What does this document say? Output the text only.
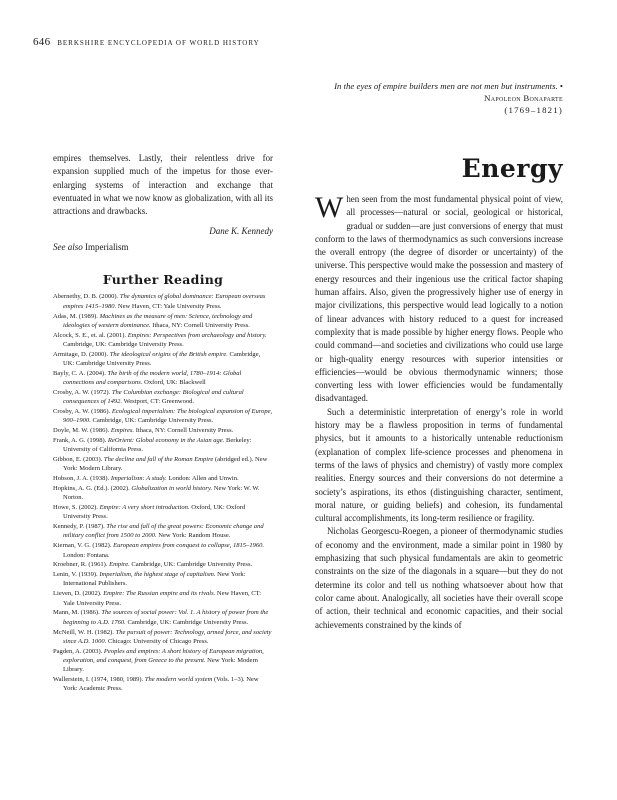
646 BERKSHIRE ENCYCLOPEDIA OF WORLD HISTORY
In the eyes of empire builders men are not men but instruments. • Napoleon Bonaparte
(1769–1821)

empires themselves. Lastly, their relentless drive for expansion supplied much of the impetus for those ever-enlarging systems of interaction and exchange that eventuated in what we now know as globalization, with all its attractions and drawbacks.

Dane K. Kennedy
See also Imperialism
Further Reading
Abernethy, D. B. (2000). The dynamics of global dominance: European overseas empires 1415–1980. New Haven, CT: Yale University Press.
Adas, M. (1989). Machines as the measure of men: Science, technology and ideologies of western dominance. Ithaca, NY: Cornell University Press.
Alcock, S. E., et. al. (2001). Empires: Perspectives from archaeology and history. Cambridge, UK: Cambridge University Press.
Armitage, D. (2000). The ideological origins of the British empire. Cambridge, UK: Cambridge University Press.
Bayly, C. A. (2004). The birth of the modern world, 1780–1914: Global connections and comparisons. Oxford, UK: Blackwell
Crosby, A. W. (1972). The Columbian exchange: Biological and cultural consequences of 1492. Westport, CT: Greenwood.
Crosby, A. W. (1986). Ecological imperialism: The biological expansion of Europe, 900–1900. Cambridge, UK: Cambridge University Press.
Doyle, M. W. (1986). Empires. Ithaca, NY: Cornell University Press.
Frank, A. G. (1998). ReOrient: Global economy in the Asian age. Berkeley: University of California Press.
Gibbon, E. (2003). The decline and fall of the Roman Empire (abridged ed.). New York: Modern Library.
Hobson, J. A. (1938). Imperialism: A study. London: Allen and Unwin.
Hopkins, A. G. (Ed.). (2002). Globalization in world history. New York: W. W. Norton.
Howe, S. (2002). Empire: A very short introduction. Oxford, UK: Oxford University Press.
Kennedy, P. (1987). The rise and fall of the great powers: Economic change and military conflict from 1500 to 2000. New York: Random House.
Kiernan, V. G. (1982). European empires from conquest to collapse, 1815–1960. London: Fontana.
Kroebner, R. (1961). Empire. Cambridge, UK: Cambridge University Press.
Lenin, V. (1939). Imperialism, the highest stage of capitalism. New York: International Publishers.
Lieven, D. (2002). Empire: The Russian empire and its rivals. New Haven, CT: Yale University Press.
Mann, M. (1986). The sources of social power: Vol. 1. A history of power from the beginning to A.D. 1760. Cambridge, UK: Cambridge University Press.
McNeill, W. H. (1982). The pursuit of power: Technology, armed force, and society since A.D. 1000. Chicago: University of Chicago Press.
Pagden, A. (2003). Peoples and empires: A short history of European migration, exploration, and conquest, from Greece to the present. New York: Modern Library.
Wallerstein, I. (1974, 1980, 1989). The modern world system (Vols. 1–3). New York: Academic Press.
Energy

When seen from the most fundamental physical point of view, all processes—natural or social, geological or historical, gradual or sudden—are just conversions of energy that must conform to the laws of thermodynamics as such conversions increase the overall entropy (the degree of disorder or uncertainty) of the universe. This perspective would make the possession and mastery of energy resources and their ingenious use the critical factor shaping human affairs. Also, given the progressively higher use of energy in major civilizations, this perspective would lead logically to a notion of linear advances with history reduced to a quest for increased complexity that is made possible by higher energy flows. People who could command—and societies and civilizations who could use large or high-quality energy resources with superior intensities or efficiencies—would be obvious thermodynamic winners; those converting less with lower efficiencies would be fundamentally disadvantaged.

Such a deterministic interpretation of energy’s role in world history may be a flawless proposition in terms of fundamental physics, but it amounts to a historically untenable reductionism (explanation of complex life-science processes and phenomena in terms of the laws of physics and chemistry) of vastly more complex realities. Energy sources and their conversions do not determine a society’s aspirations, its ethos (distinguishing character, sentiment, moral nature, or guiding beliefs) and cohesion, its fundamental cultural accomplishments, its long-term resilience or fragility.

Nicholas Georgescu-Roegen, a pioneer of thermodynamic studies of economy and the environment, made a similar point in 1980 by emphasizing that such physical fundamentals are akin to geometric constraints on the size of the diagonals in a square—but they do not determine its color and tell us nothing whatsoever about how that color came about. Analogically, all societies have their overall scope of action, their technical and economic capacities, and their social achievements constrained by the kinds of
